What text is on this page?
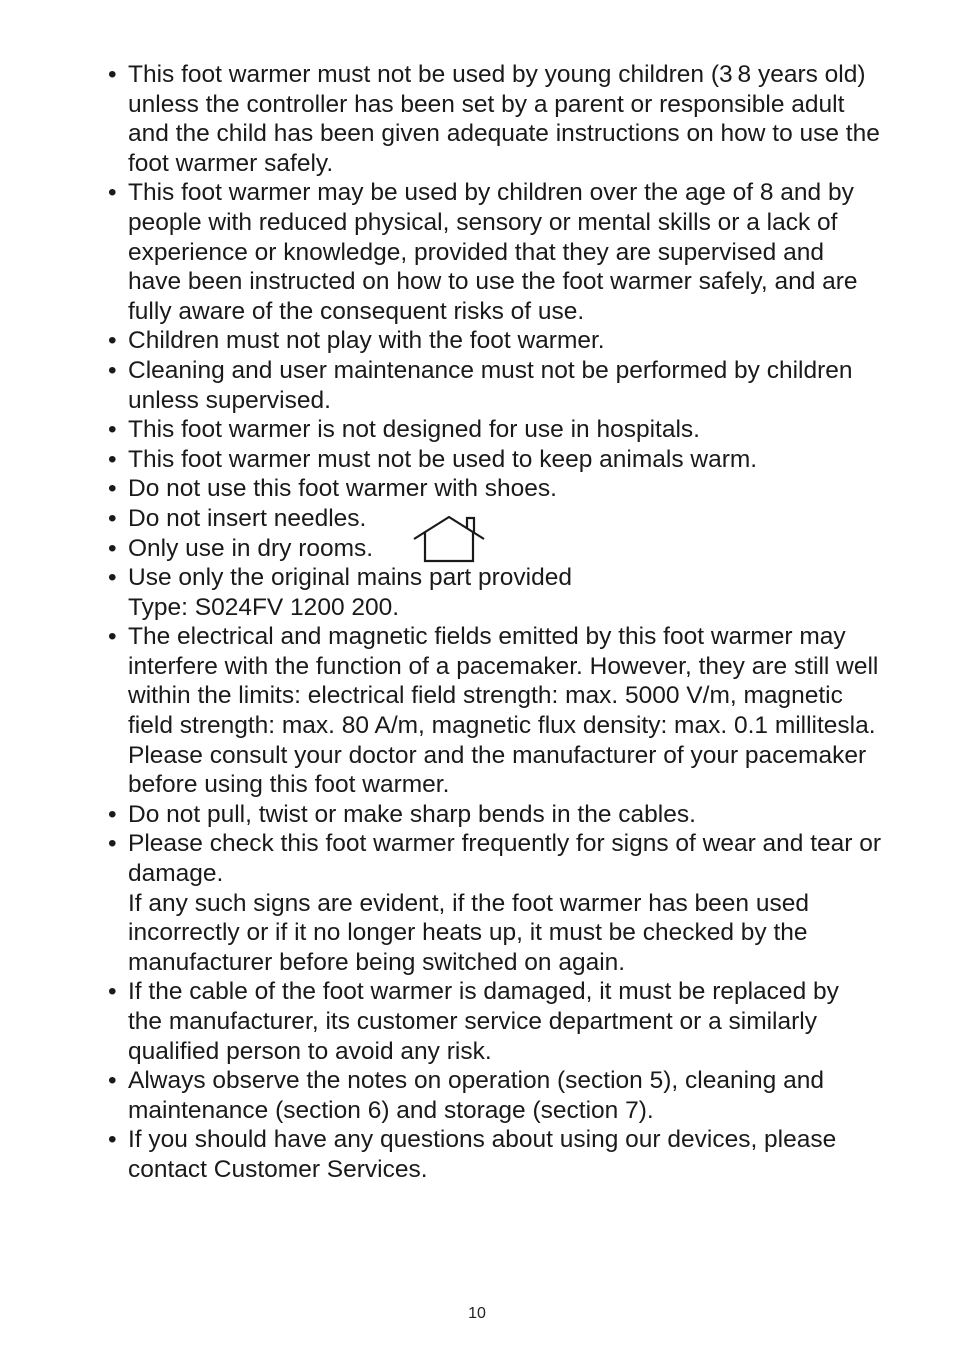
• This foot warmer must not be used by young children (3 8 years old)
unless the controller has been set by a parent or responsible adult
and the child has been given adequate instructions on how to use the
foot warmer safely.
• This foot warmer may be used by children over the age of 8 and by
people with reduced physical, sensory or mental skills or a lack of
experience or knowledge, provided that they are supervised and
have been instructed on how to use the foot warmer safely, and are
fully aware of the consequent risks of use.
• Children must not play with the foot warmer.
• Cleaning and user maintenance must not be performed by children
unless supervised.
• This foot warmer is not designed for use in hospitals.
• This foot warmer must not be used to keep animals warm.
• Do not use this foot warmer with shoes.
• Do not insert needles.
• Only use in dry rooms.
• Use only the original mains part provided
Type: S024FV 1200 200.
• The electrical and magnetic fields emitted by this foot warmer may
interfere with the function of a pacemaker. However, they are still well
within the limits: electrical field strength: max. 5000 V/m, magnetic
field strength: max. 80 A/m, magnetic flux density: max. 0.1 millitesla.
Please consult your doctor and the manufacturer of your pacemaker
before using this foot warmer.
• Do not pull, twist or make sharp bends in the cables.
• Please check this foot warmer frequently for signs of wear and tear or
damage.
If any such signs are evident, if the foot warmer has been used
incorrectly or if it no longer heats up, it must be checked by the
manufacturer before being switched on again.
• If the cable of the foot warmer is damaged, it must be replaced by
the manufacturer, its customer service department or a similarly
qualified person to avoid any risk.
• Always observe the notes on operation (section 5), cleaning and
maintenance (section 6) and storage (section 7).
• If you should have any questions about using our devices, please
contact Customer Services.
10
